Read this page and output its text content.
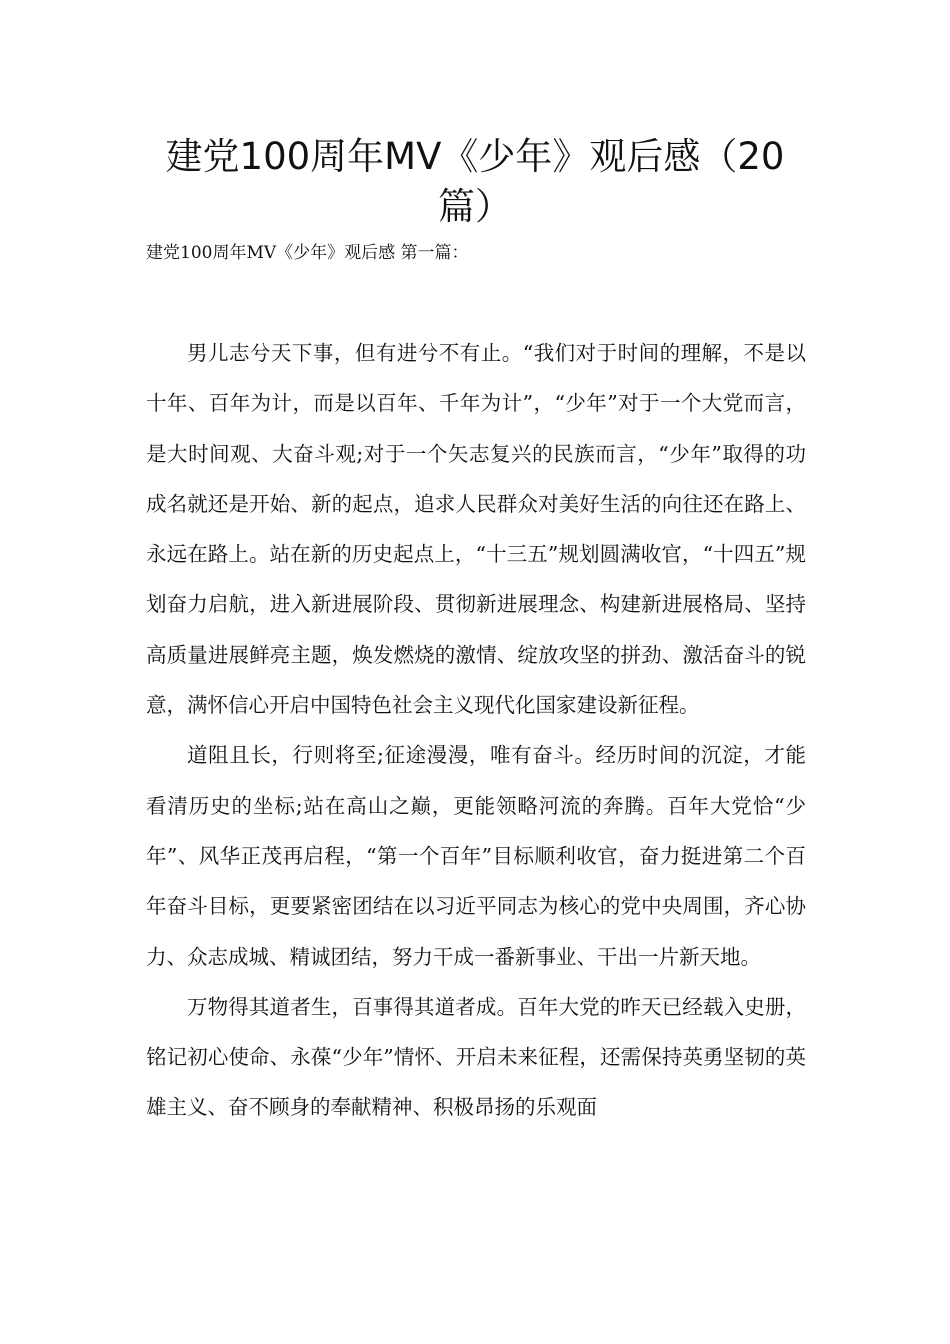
建党100周年MV《少年》观后感（20篇）
建党100周年MV《少年》观后感 第一篇：

男儿志兮天下事，但有进兮不有止。“我们对于时间的理解，不是以十年、百年为计，而是以百年、千年为计”，“少年”对于一个大党而言，是大时间观、大奋斗观;对于一个矢志复兴的民族而言，“少年”取得的功成名就还是开始、新的起点，追求人民群众对美好生活的向往还在路上、永远在路上。站在新的历史起点上，“十三五”规划圆满收官，“十四五”规划奋力启航，进入新进展阶段、贯彻新进展理念、构建新进展格局、坚持高质量进展鲜亮主题，焕发燃烧的激情、绽放攻坚的拼劲、激活奋斗的锐意，满怀信心开启中国特色社会主义现代化国家建设新征程。

道阻且长，行则将至;征途漫漫，唯有奋斗。经历时间的沉淀，才能看清历史的坐标;站在高山之巅，更能领略河流的奔腾。百年大党恰“少年”、风华正茂再启程，“第一个百年”目标顺利收官，奋力挺进第二个百年奋斗目标，更要紧密团结在以习近平同志为核心的党中央周围，齐心协力、众志成城、精诚团结，努力干成一番新事业、干出一片新天地。

万物得其道者生，百事得其道者成。百年大党的昨天已经载入史册，铭记初心使命、永葆“少年”情怀、开启未来征程，还需保持英勇坚韧的英雄主义、奋不顾身的奉献精神、积极昂扬的乐观面
